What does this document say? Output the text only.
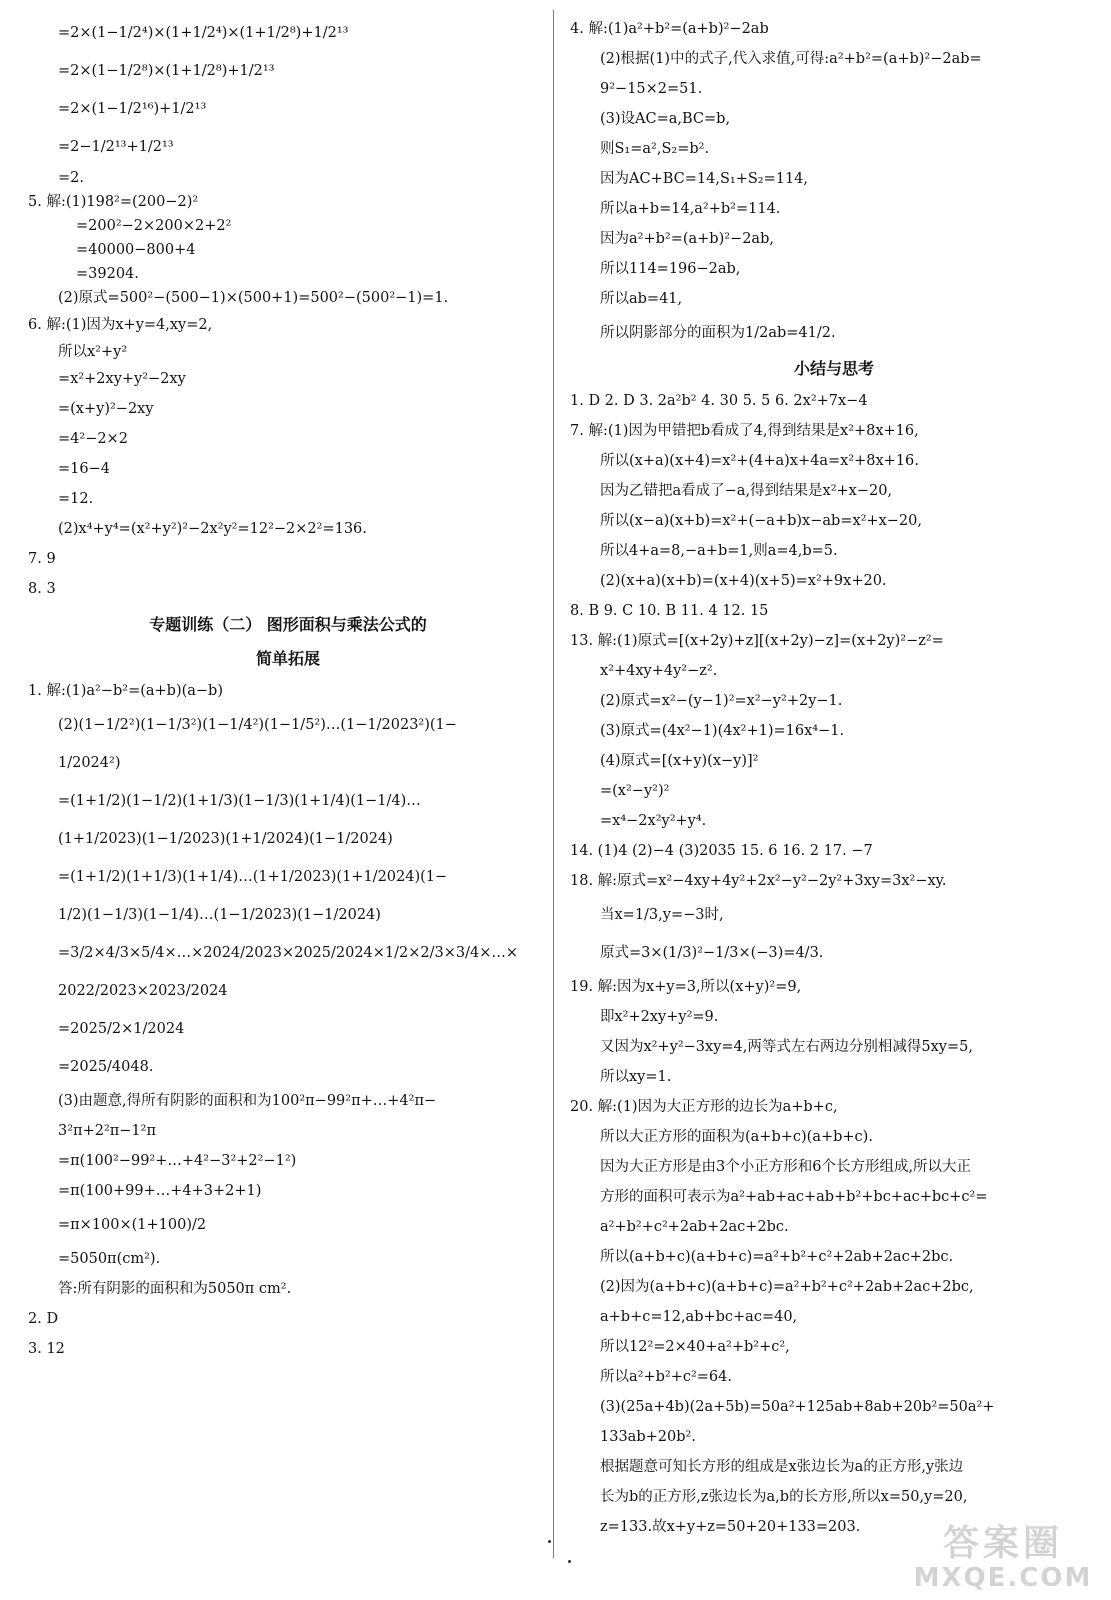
=2×(1−1/2⁴)×(1+1/2⁴)×(1+1/2⁸)+1/2¹³
=2×(1−1/2⁸)×(1+1/2⁸)+1/2¹³
=2×(1−1/2¹⁶)+1/2¹³
=2−1/2¹³+1/2¹³
=2.
5. 解:(1)198²=(200−2)²
=200²−2×200×2+2²
=40000−800+4
=39204.
(2)原式=500²−(500−1)×(500+1)=500²−(500²−1)=1.
6. 解:(1)因为x+y=4,xy=2,
所以x²+y²
=x²+2xy+y²−2xy
=(x+y)²−2xy
=4²−2×2
=16−4
=12.
(2)x⁴+y⁴=(x²+y²)²−2x²y²=12²−2×2²=136.
7. 9
8. 3
专题训练（二） 图形面积与乘法公式的
简单拓展
1. 解:(1)a²−b²=(a+b)(a−b)
(2)(1−1/2²)(1−1/3²)(1−1/4²)(1−1/5²)…(1−1/2023²)(1−
1/2024²)
=(1+1/2)(1−1/2)(1+1/3)(1−1/3)(1+1/4)(1−1/4)…
(1+1/2023)(1−1/2023)(1+1/2024)(1−1/2024)
=(1+1/2)(1+1/3)(1+1/4)…(1+1/2023)(1+1/2024)(1−
1/2)(1−1/3)(1−1/4)…(1−1/2023)(1−1/2024)
=3/2×4/3×5/4×…×2024/2023×2025/2024×1/2×2/3×3/4×…×
2022/2023×2023/2024
=2025/2×1/2024
=2025/4048.
(3)由题意,得所有阴影的面积和为100²π−99²π+…+4²π−
3²π+2²π−1²π
=π(100²−99²+…+4²−3²+2²−1²)
=π(100+99+…+4+3+2+1)
=π×100×(1+100)/2
=5050π(cm²).
答:所有阴影的面积和为5050π cm².
2. D
3. 12
4. 解:(1)a²+b²=(a+b)²−2ab
(2)根据(1)中的式子,代入求值,可得:a²+b²=(a+b)²−2ab=
9²−15×2=51.
(3)设AC=a,BC=b,
则S₁=a²,S₂=b².
因为AC+BC=14,S₁+S₂=114,
所以a+b=14,a²+b²=114.
因为a²+b²=(a+b)²−2ab,
所以114=196−2ab,
所以ab=41,
所以阴影部分的面积为1/2ab=41/2.
小结与思考
1. D 2. D 3. 2a²b² 4. 30 5. 5 6. 2x²+7x−4
7. 解:(1)因为甲错把b看成了4,得到结果是x²+8x+16,
所以(x+a)(x+4)=x²+(4+a)x+4a=x²+8x+16.
因为乙错把a看成了−a,得到结果是x²+x−20,
所以(x−a)(x+b)=x²+(−a+b)x−ab=x²+x−20,
所以4+a=8,−a+b=1,则a=4,b=5.
(2)(x+a)(x+b)=(x+4)(x+5)=x²+9x+20.
8. B 9. C 10. B 11. 4 12. 15
13. 解:(1)原式=[(x+2y)+z][(x+2y)−z]=(x+2y)²−z²=
x²+4xy+4y²−z².
(2)原式=x²−(y−1)²=x²−y²+2y−1.
(3)原式=(4x²−1)(4x²+1)=16x⁴−1.
(4)原式=[(x+y)(x−y)]²
=(x²−y²)²
=x⁴−2x²y²+y⁴.
14. (1)4 (2)−4 (3)2035 15. 6 16. 2 17. −7
18. 解:原式=x²−4xy+4y²+2x²−y²−2y²+3xy=3x²−xy.
当x=1/3,y=−3时,
原式=3×(1/3)²−1/3×(−3)=4/3.
19. 解:因为x+y=3,所以(x+y)²=9,
即x²+2xy+y²=9.
又因为x²+y²−3xy=4,两等式左右两边分别相减得5xy=5,
所以xy=1.
20. 解:(1)因为大正方形的边长为a+b+c,
所以大正方形的面积为(a+b+c)(a+b+c).
因为大正方形是由3个小正方形和6个长方形组成,所以大正
方形的面积可表示为a²+ab+ac+ab+b²+bc+ac+bc+c²=
a²+b²+c²+2ab+2ac+2bc.
所以(a+b+c)(a+b+c)=a²+b²+c²+2ab+2ac+2bc.
(2)因为(a+b+c)(a+b+c)=a²+b²+c²+2ab+2ac+2bc,
a+b+c=12,ab+bc+ac=40,
所以12²=2×40+a²+b²+c²,
所以a²+b²+c²=64.
(3)(25a+4b)(2a+5b)=50a²+125ab+8ab+20b²=50a²+
133ab+20b².
根据题意可知长方形的组成是x张边长为a的正方形,y张边
长为b的正方形,z张边长为a,b的长方形,所以x=50,y=20,
z=133.故x+y+z=50+20+133=203.	答案圈
MXQE.COM
